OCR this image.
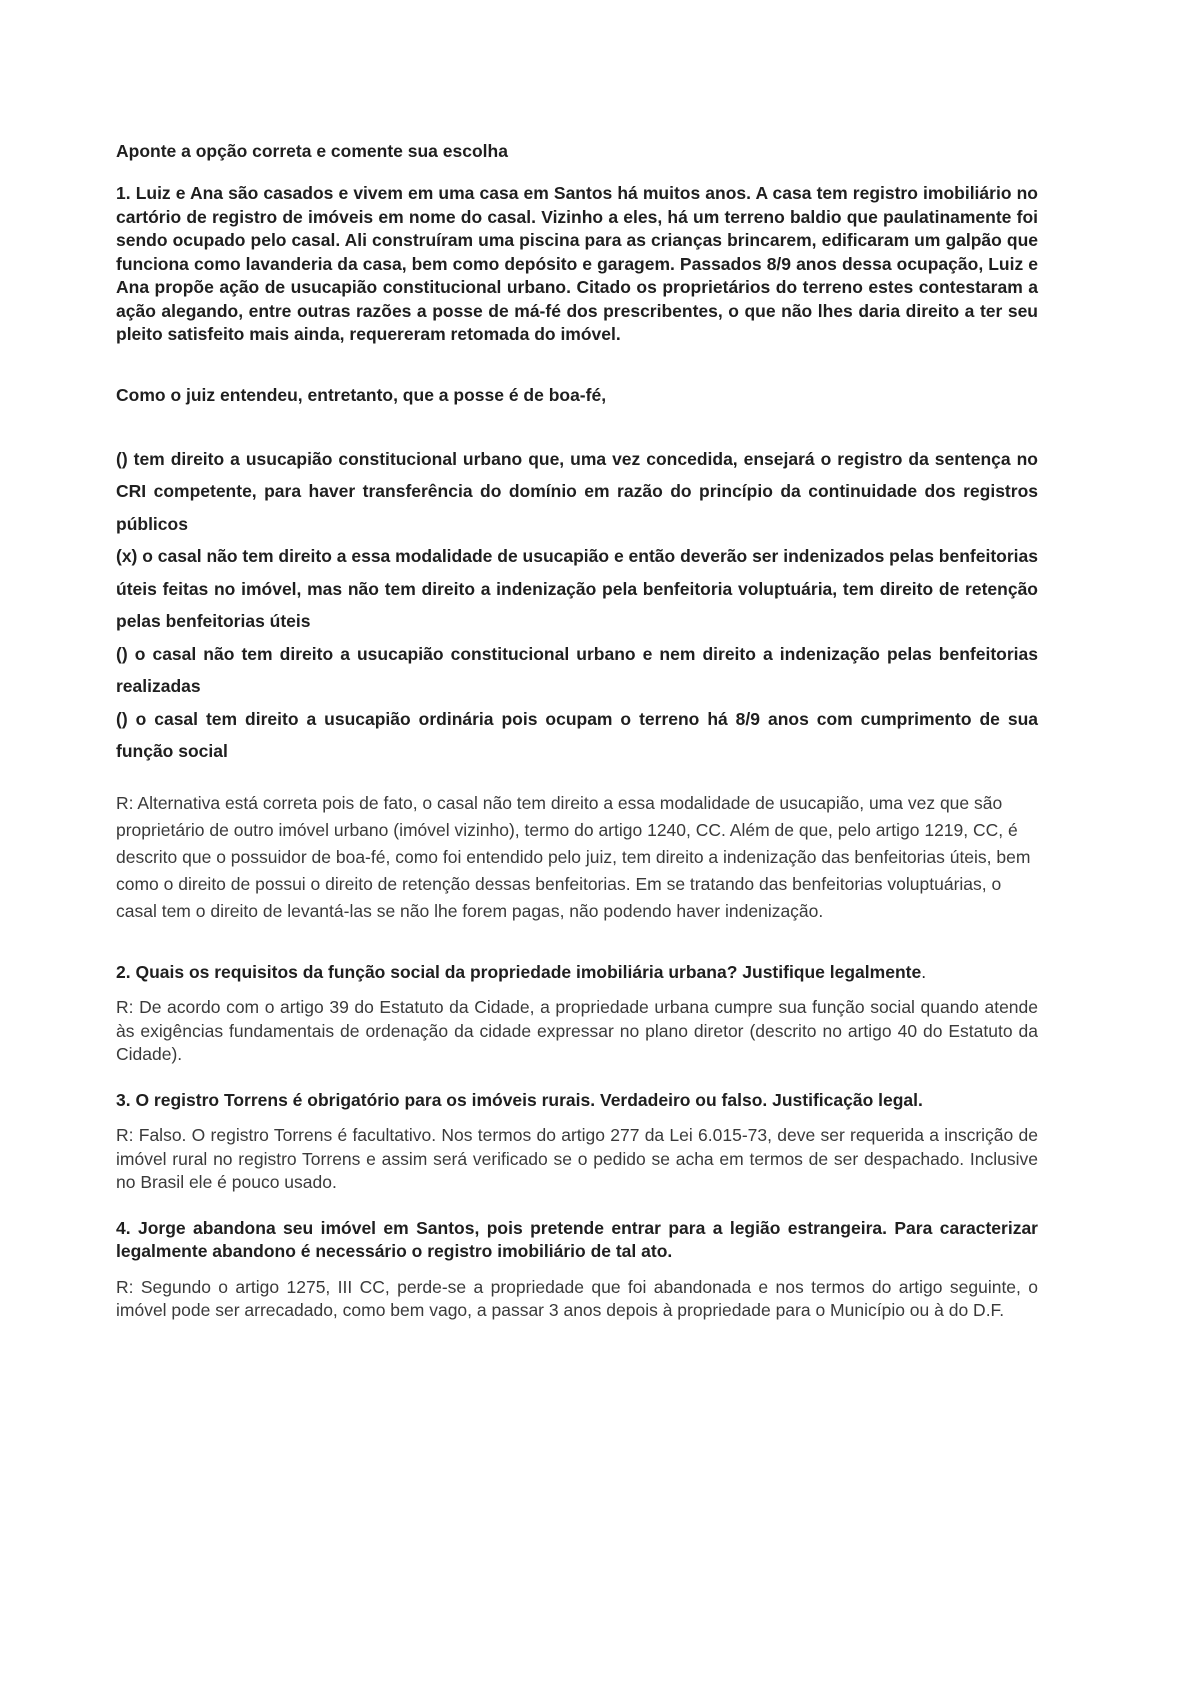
Aponte a opção correta e comente sua escolha

1. Luiz e Ana são casados e vivem em uma casa em Santos há muitos anos. A casa tem registro imobiliário no cartório de registro de imóveis em nome do casal. Vizinho a eles, há um terreno baldio que paulatinamente foi sendo ocupado pelo casal. Ali construíram uma piscina para as crianças brincarem, edificaram um galpão que funciona como lavanderia da casa, bem como depósito e garagem. Passados 8/9 anos dessa ocupação, Luiz e Ana propõe ação de usucapião constitucional urbano. Citado os proprietários do terreno estes contestaram a ação alegando, entre outras razões a posse de má-fé dos prescribentes, o que não lhes daria direito a ter seu pleito satisfeito mais ainda, requereram retomada do imóvel.

Como o juiz entendeu, entretanto, que a posse é de boa-fé,

() tem direito a usucapião constitucional urbano que, uma vez concedida, ensejará o registro da sentença no CRI competente, para haver transferência do domínio em razão do princípio da continuidade dos registros públicos

(x) o casal não tem direito a essa modalidade de usucapião e então deverão ser indenizados pelas benfeitorias úteis feitas no imóvel, mas não tem direito a indenização pela benfeitoria voluptuária, tem direito de retenção pelas benfeitorias úteis

() o casal não tem direito a usucapião constitucional urbano e nem direito a indenização pelas benfeitorias realizadas

() o casal tem direito a usucapião ordinária pois ocupam o terreno há 8/9 anos com cumprimento de sua função social

R: Alternativa está correta pois de fato, o casal não tem direito a essa modalidade de usucapião, uma vez que são proprietário de outro imóvel urbano (imóvel vizinho), termo do artigo 1240, CC. Além de que, pelo artigo 1219, CC, é descrito que o possuidor de boa-fé, como foi entendido pelo juiz, tem direito a indenização das benfeitorias úteis, bem como o direito de possui o direito de retenção dessas benfeitorias. Em se tratando das benfeitorias voluptuárias, o casal tem o direito de levantá-las se não lhe forem pagas, não podendo haver indenização.

2. Quais os requisitos da função social da propriedade imobiliária urbana? Justifique legalmente.

R: De acordo com o artigo 39 do Estatuto da Cidade, a propriedade urbana cumpre sua função social quando atende às exigências fundamentais de ordenação da cidade expressar no plano diretor (descrito no artigo 40 do Estatuto da Cidade).

3. O registro Torrens é obrigatório para os imóveis rurais. Verdadeiro ou falso. Justificação legal.

R: Falso. O registro Torrens é facultativo. Nos termos do artigo 277 da Lei 6.015-73, deve ser requerida a inscrição de imóvel rural no registro Torrens e assim será verificado se o pedido se acha em termos de ser despachado. Inclusive no Brasil ele é pouco usado.

4. Jorge abandona seu imóvel em Santos, pois pretende entrar para a legião estrangeira. Para caracterizar legalmente abandono é necessário o registro imobiliário de tal ato.

R: Segundo o artigo 1275, III CC, perde-se a propriedade que foi abandonada e nos termos do artigo seguinte, o imóvel pode ser arrecadado, como bem vago, a passar 3 anos depois à propriedade para o Município ou à do D.F.
